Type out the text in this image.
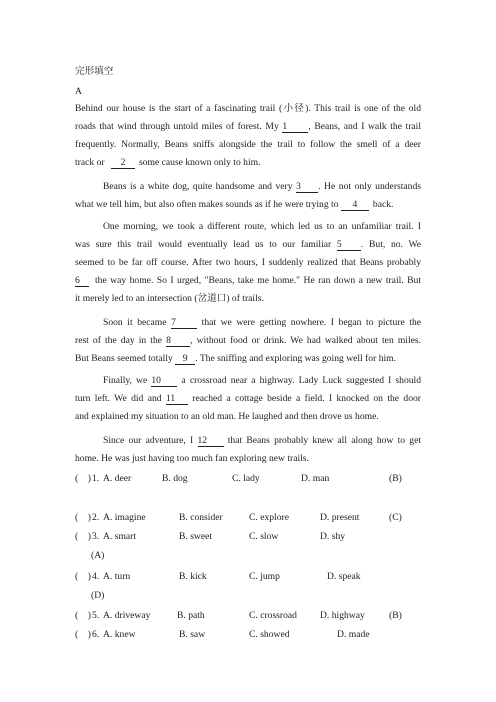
完形填空
A
Behind our house is the start of a fascinating trail (小径). This trail is one of the old
roads that wind through untold miles of forest. My 1 , Beans, and I walk the trail
frequently. Normally, Beans sniffs alongside the trail to follow the smell of a deer
track or 2 some cause known only to him.
Beans is a white dog, quite handsome and very 3 . He not only understands
what we tell him, but also often makes sounds as if he were trying to 4 back.
One morning, we took a different route, which led us to an unfamiliar trail. I
was sure this trail would eventually lead us to our familiar 5 . But, no. We
seemed to be far off course. After two hours, I suddenly realized that Beans probably
6 the way home. So I urged, "Beans, take me home." He ran down a new trail. But
it merely led to an intersection (岔道口) of trails.
Soon it became 7	that we were getting nowhere. I began to picture the
rest of the day in the 8 , without food or drink. We had walked about ten miles.
But Beans seemed totally 9 . The sniffing and exploring was going well for him.
Finally, we 10 a crossroad near a highway. Lady Luck suggested I should
turn left. We did and 11 reached a cottage beside a field. I knocked on the door
and explained my situation to an old man. He laughed and then drove us home.
Since our adventure, I 12 that Beans probably knew all along how to get
home. He was just having too much fan exploring new trails.
(　) 1. A. deer	B. dog	C. lady	D. man	(B)
(　) 2. A. imagine	B. consider	C. explore	D. present	(C)
(　) 3. A. smart	B. sweet	C. slow	D. shy
(A)
(　) 4. A. turn	B. kick	C. jump	D. speak
(D)
(　) 5. A. driveway	B. path	C. crossroad D. highway	(B)
(　) 6. A. knew	B. saw	C. showed	D. made
